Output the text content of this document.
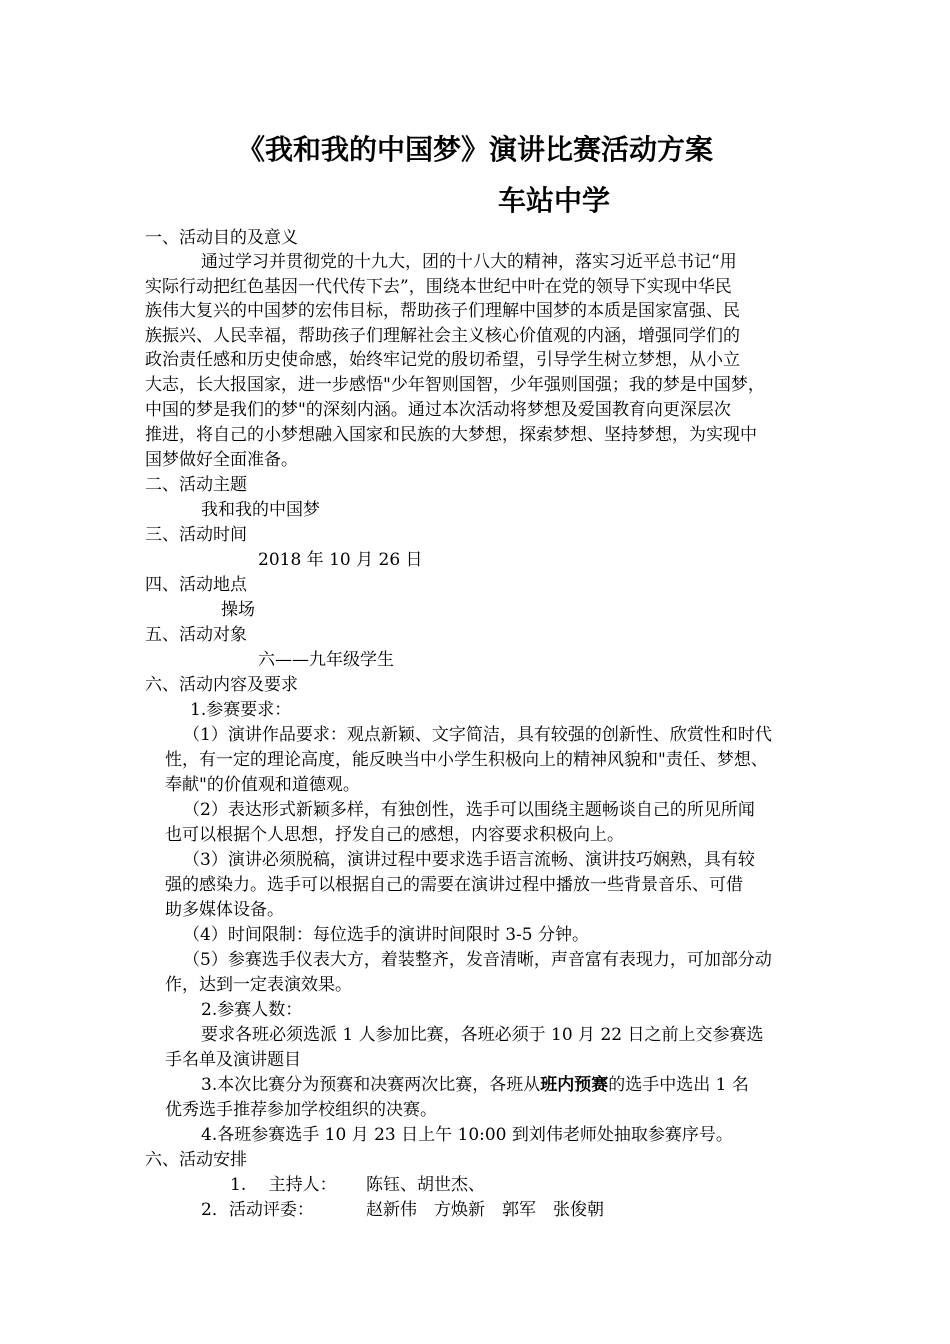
《我和我的中国梦》演讲比赛活动方案
车站中学
一、活动目的及意义
通过学习并贯彻党的十九大，团的十八大的精神，落实习近平总书记“用
实际行动把红色基因一代代传下去”，围绕本世纪中叶在党的领导下实现中华民
族伟大复兴的中国梦的宏伟目标，帮助孩子们理解中国梦的本质是国家富强、民
族振兴、人民幸福，帮助孩子们理解社会主义核心价值观的内涵，增强同学们的
政治责任感和历史使命感，始终牢记党的殷切希望，引导学生树立梦想，从小立
大志，长大报国家，进一步感悟"少年智则国智，少年强则国强；我的梦是中国梦，
中国的梦是我们的梦"的深刻内涵。通过本次活动将梦想及爱国教育向更深层次
推进，将自己的小梦想融入国家和民族的大梦想，探索梦想、坚持梦想，为实现中
国梦做好全面准备。
二、活动主题
我和我的中国梦
三、活动时间
2018 年 10 月 26 日
四、活动地点
操场
五、活动对象
六——九年级学生
六、活动内容及要求
1.参赛要求：
（1）演讲作品要求：观点新颖、文字简洁，具有较强的创新性、欣赏性和时代
性，有一定的理论高度，能反映当中小学生积极向上的精神风貌和"责任、梦想、
奉献"的价值观和道德观。
（2）表达形式新颖多样，有独创性，选手可以围绕主题畅谈自己的所见所闻
也可以根据个人思想，抒发自己的感想，内容要求积极向上。
（3）演讲必须脱稿，演讲过程中要求选手语言流畅、演讲技巧娴熟，具有较
强的感染力。选手可以根据自己的需要在演讲过程中播放一些背景音乐、可借
助多媒体设备。
（4）时间限制：每位选手的演讲时间限时 3-5 分钟。
（5）参赛选手仪表大方，着装整齐，发音清晰，声音富有表现力，可加部分动
作，达到一定表演效果。
2.参赛人数：
要求各班必须选派 1 人参加比赛，各班必须于 10 月 22 日之前上交参赛选
手名单及演讲题目
3.本次比赛分为预赛和决赛两次比赛，各班从班内预赛的选手中选出 1 名
优秀选手推荐参加学校组织的决赛。
4.各班参赛选手 10 月 23 日上午 10:00 到刘伟老师处抽取参赛序号。
六、活动安排
1.　 主持人： 陈钰、胡世杰、
2．活动评委：	赵新伟　方焕新　郭军　张俊朝
